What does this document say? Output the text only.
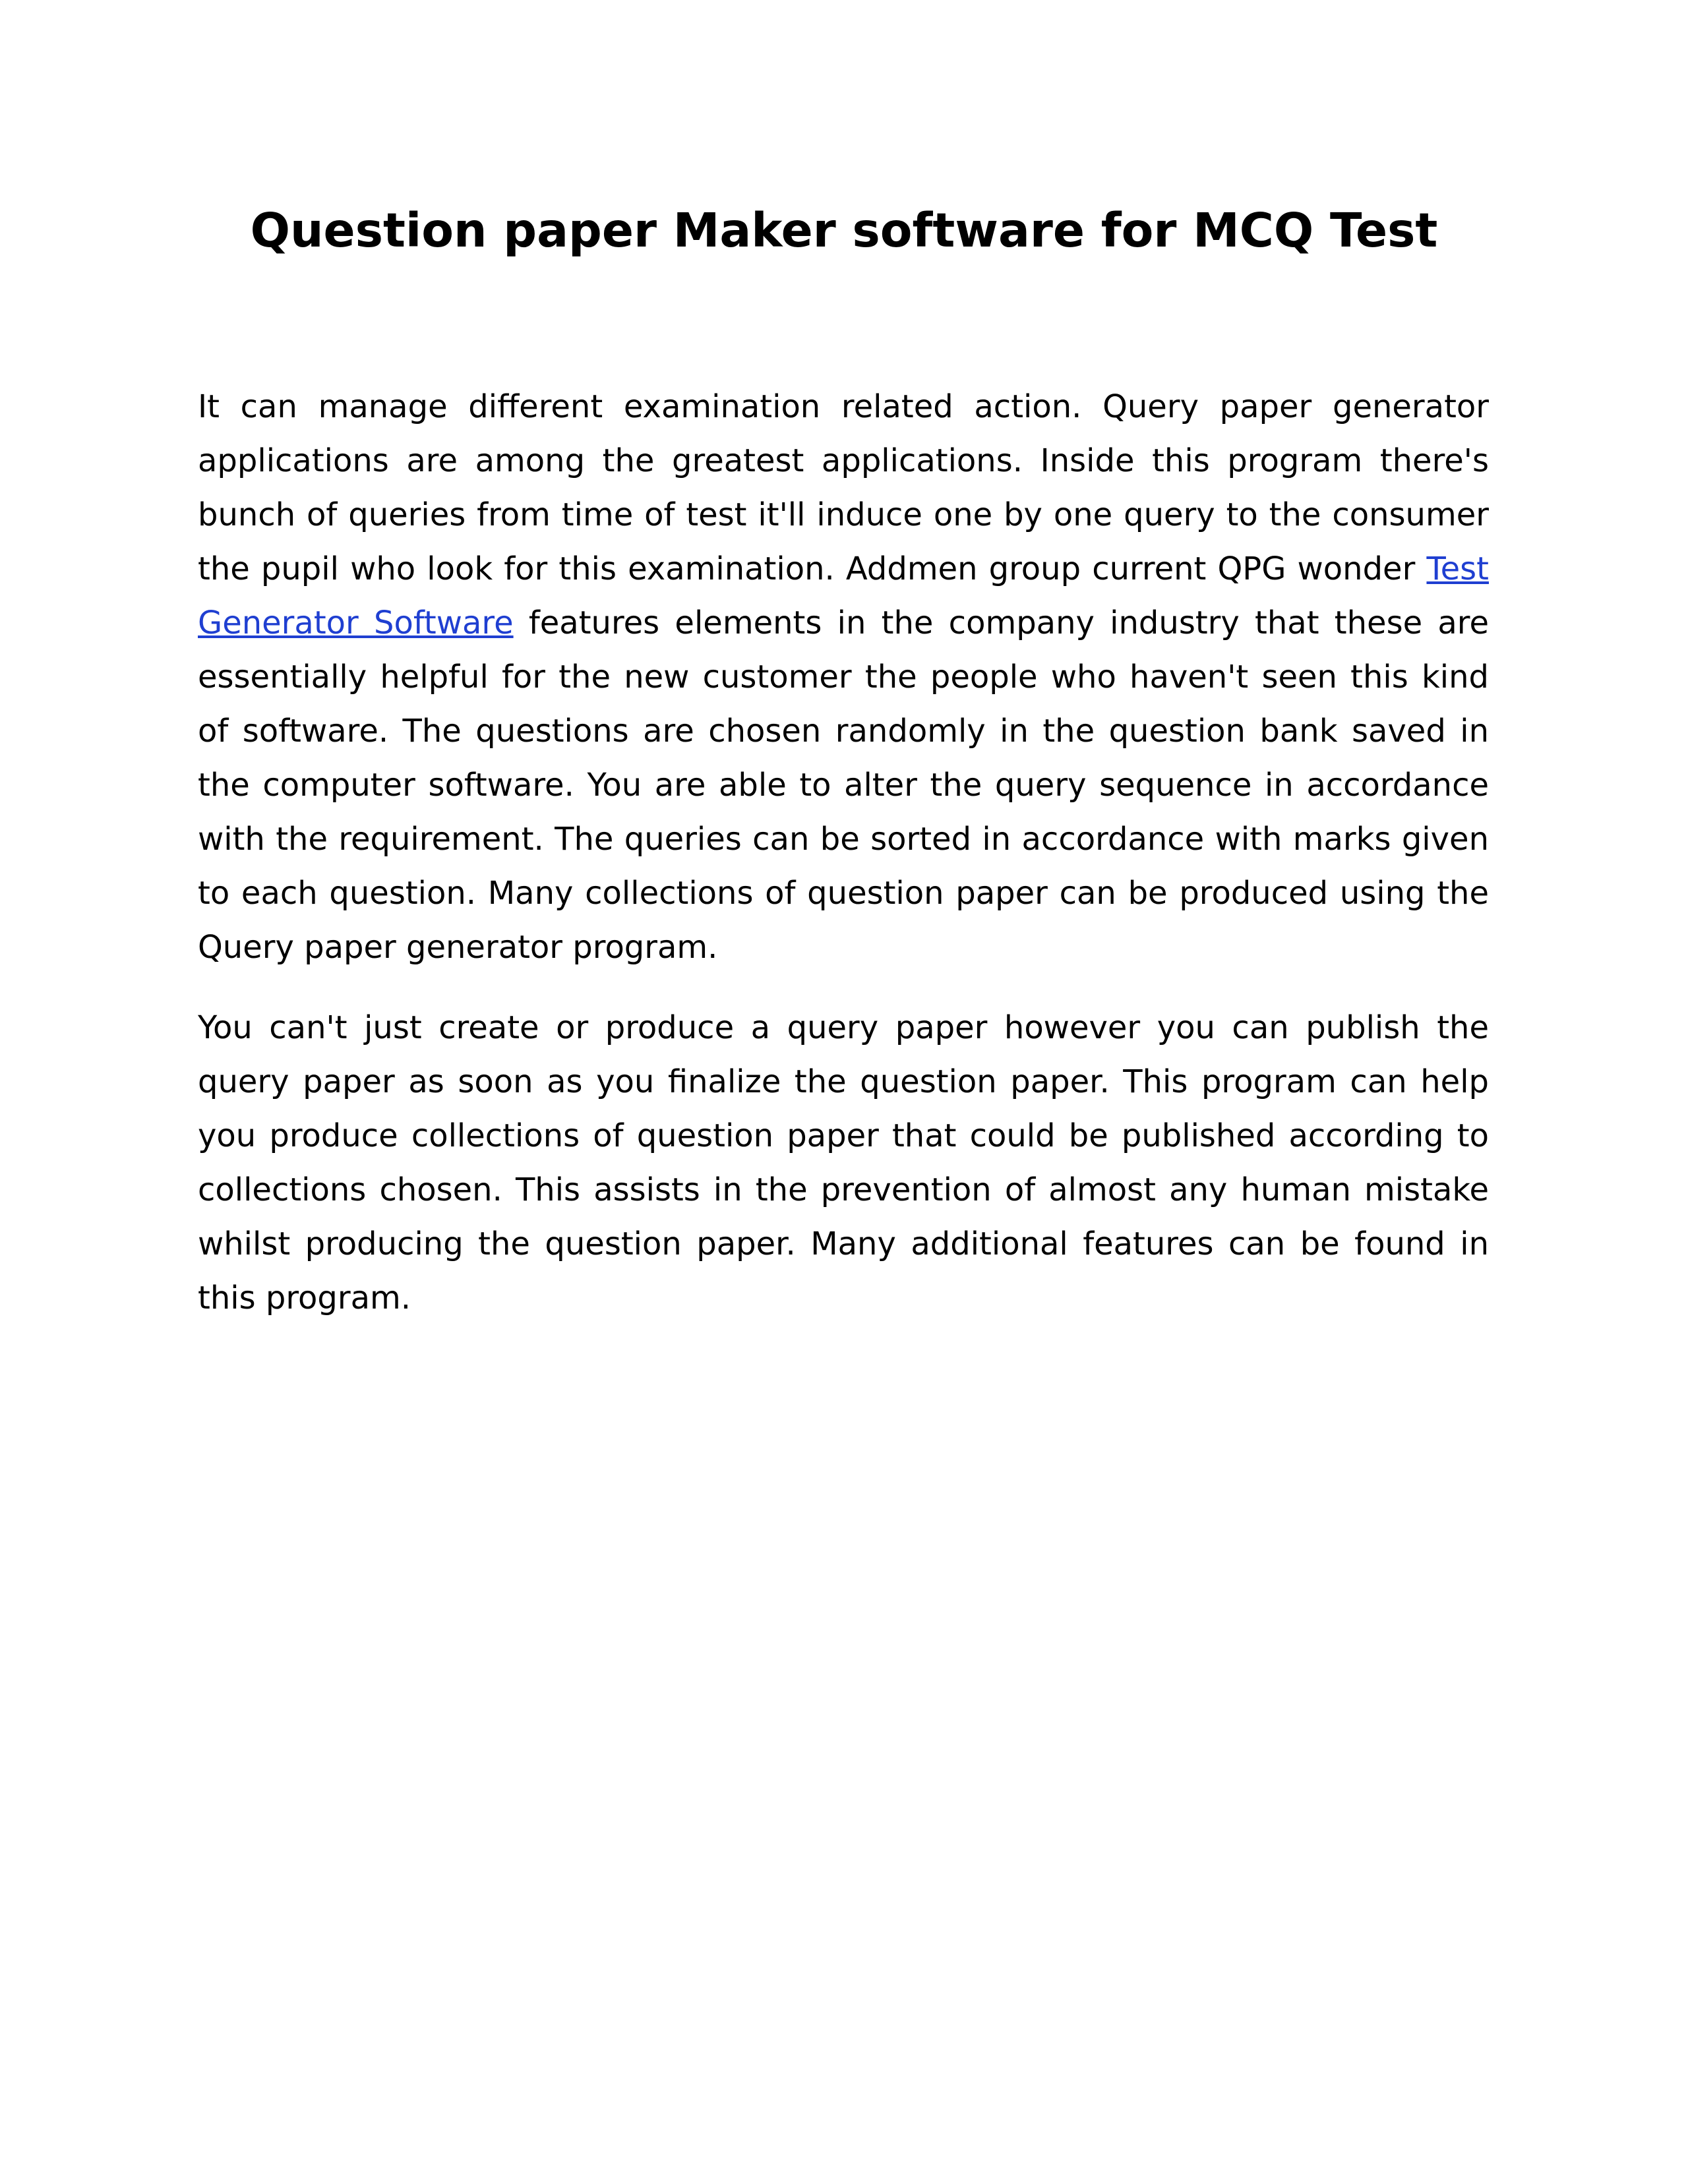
Question paper Maker software for MCQ Test

It can manage different examination related action. Query paper generator applications are among the greatest applications. Inside this program there's bunch of queries from time of test it'll induce one by one query to the consumer the pupil who look for this examination. Addmen group current QPG wonder Test Generator Software features elements in the company industry that these are essentially helpful for the new customer the people who haven't seen this kind of software. The questions are chosen randomly in the question bank saved in the computer software. You are able to alter the query sequence in accordance with the requirement. The queries can be sorted in accordance with marks given to each question. Many collections of question paper can be produced using the Query paper generator program.

You can't just create or produce a query paper however you can publish the query paper as soon as you finalize the question paper. This program can help you produce collections of question paper that could be published according to collections chosen. This assists in the prevention of almost any human mistake whilst producing the question paper. Many additional features can be found in this program.
